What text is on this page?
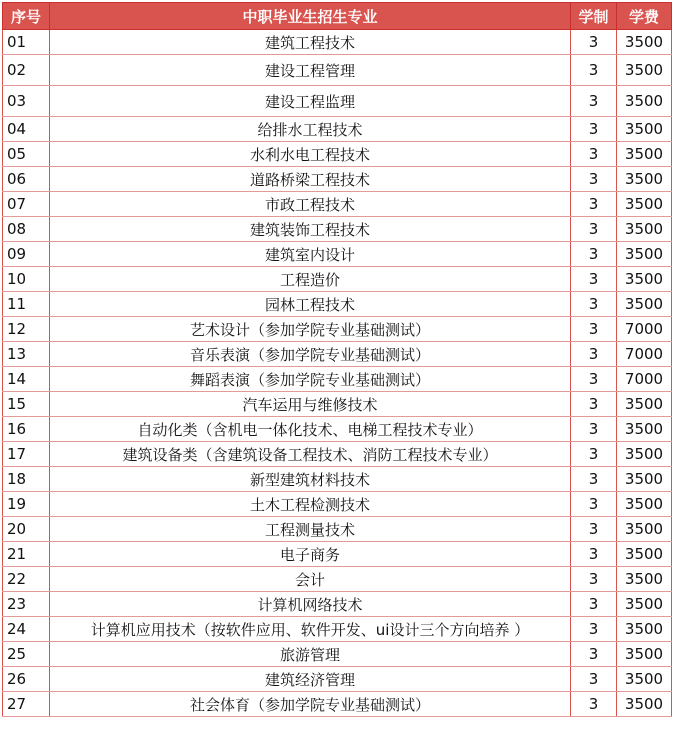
序号	中职毕业生招生专业	学制	学费
01	建筑工程技术	3	3500
02	建设工程管理	3	3500
03	建设工程监理	3	3500
04	给排水工程技术	3	3500
05	水利水电工程技术	3	3500
06	道路桥梁工程技术	3	3500
07	市政工程技术	3	3500
08	建筑装饰工程技术	3	3500
09	建筑室内设计	3	3500
10	工程造价	3	3500
11	园林工程技术	3	3500
12	艺术设计（参加学院专业基础测试）	3	7000
13	音乐表演（参加学院专业基础测试）	3	7000
14	舞蹈表演（参加学院专业基础测试）	3	7000
15	汽车运用与维修技术	3	3500
16	自动化类（含机电一体化技术、电梯工程技术专业）	3	3500
17	建筑设备类（含建筑设备工程技术、消防工程技术专业）	3	3500
18	新型建筑材料技术	3	3500
19	土木工程检测技术	3	3500
20	工程测量技术	3	3500
21	电子商务	3	3500
22	会计	3	3500
23	计算机网络技术	3	3500
24	计算机应用技术（按软件应用、软件开发、ui设计三个方向培养 ）	3	3500
25	旅游管理	3	3500
26	建筑经济管理	3	3500
27	社会体育（参加学院专业基础测试）	3	3500
